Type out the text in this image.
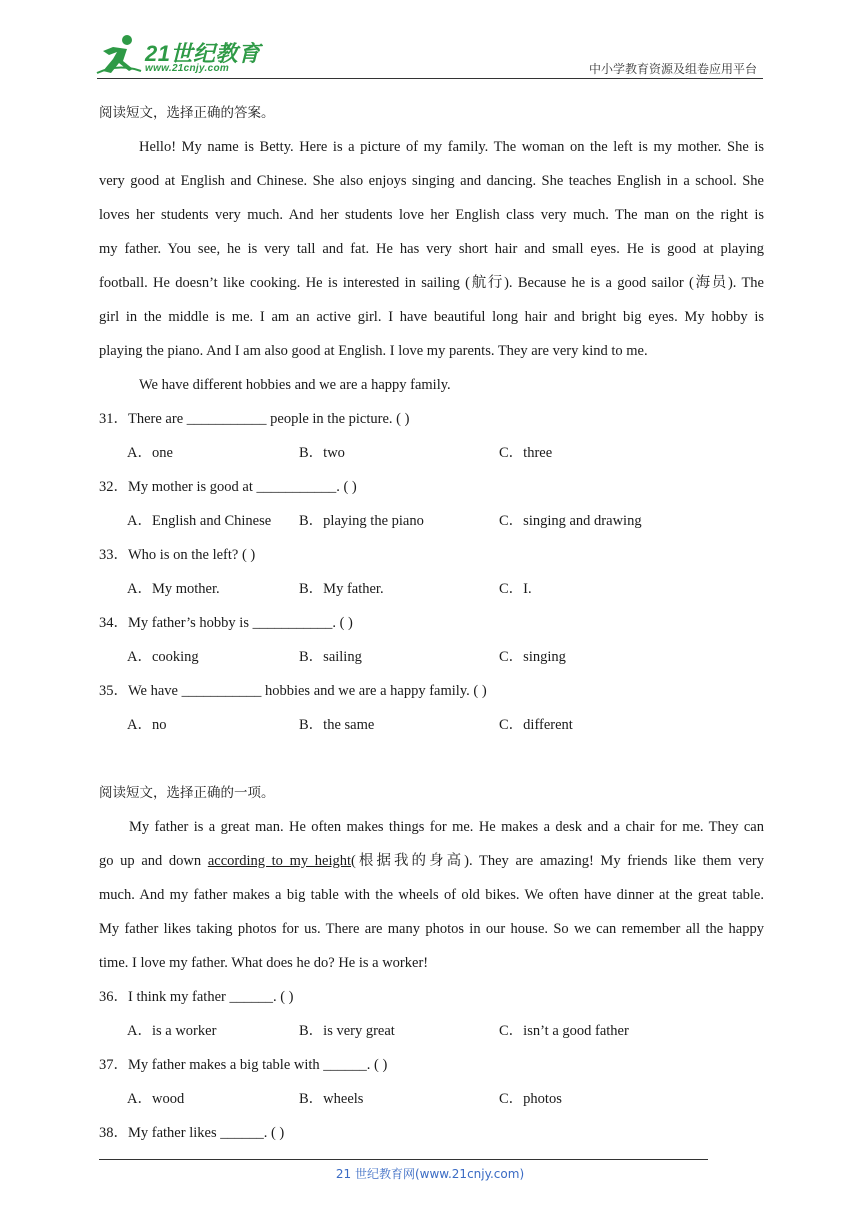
21世纪教育
www.21cnjy.com	中小学教育资源及组卷应用平台
阅读短文，选择正确的答案。
Hello! My name is Betty. Here is a picture of my family. The woman on the left is my mother. She is
very good at English and Chinese. She also enjoys singing and dancing. She teaches English in a school. She
loves her students very much. And her students love her English class very much. The man on the right is
my father. You see, he is very tall and fat. He has very short hair and small eyes. He is good at playing
football. He doesn’t like cooking. He is interested in sailing (航行). Because he is a good sailor (海员). The
girl in the middle is me. I am an active girl. I have beautiful long hair and bright big eyes. My hobby is
playing the piano. And I am also good at English. I love my parents. They are very kind to me.
We have different hobbies and we are a happy family.
31．There are ___________ people in the picture. ( )
A．one	B．two	C．three
32．My mother is good at ___________. ( )
A．English and Chinese B．playing the piano	C．singing and drawing
33．Who is on the left? ( )
A．My mother.	B．My father.	C．I.
34．My father’s hobby is ___________. ( )
A．cooking	B．sailing	C．singing
35．We have ___________ hobbies and we are a happy family. ( )
A．no	B．the same	C．different
阅读短文，选择正确的一项。
My father is a great man. He often makes things for me. He makes a desk and a chair for me. They can
go up and down according to my height(根据我的身高). They are amazing! My friends like them very
much. And my father makes a big table with the wheels of old bikes. We often have dinner at the great table.
My father likes taking photos for us. There are many photos in our house. So we can remember all the happy
time. I love my father. What does he do? He is a worker!
36．I think my father ______. ( )
A．is a worker	B．is very great	C．isn’t a good father
37．My father makes a big table with ______. ( )
A．wood	B．wheels	C．photos
38．My father likes ______. ( )
21 世纪教育网(www.21cnjy.com)
